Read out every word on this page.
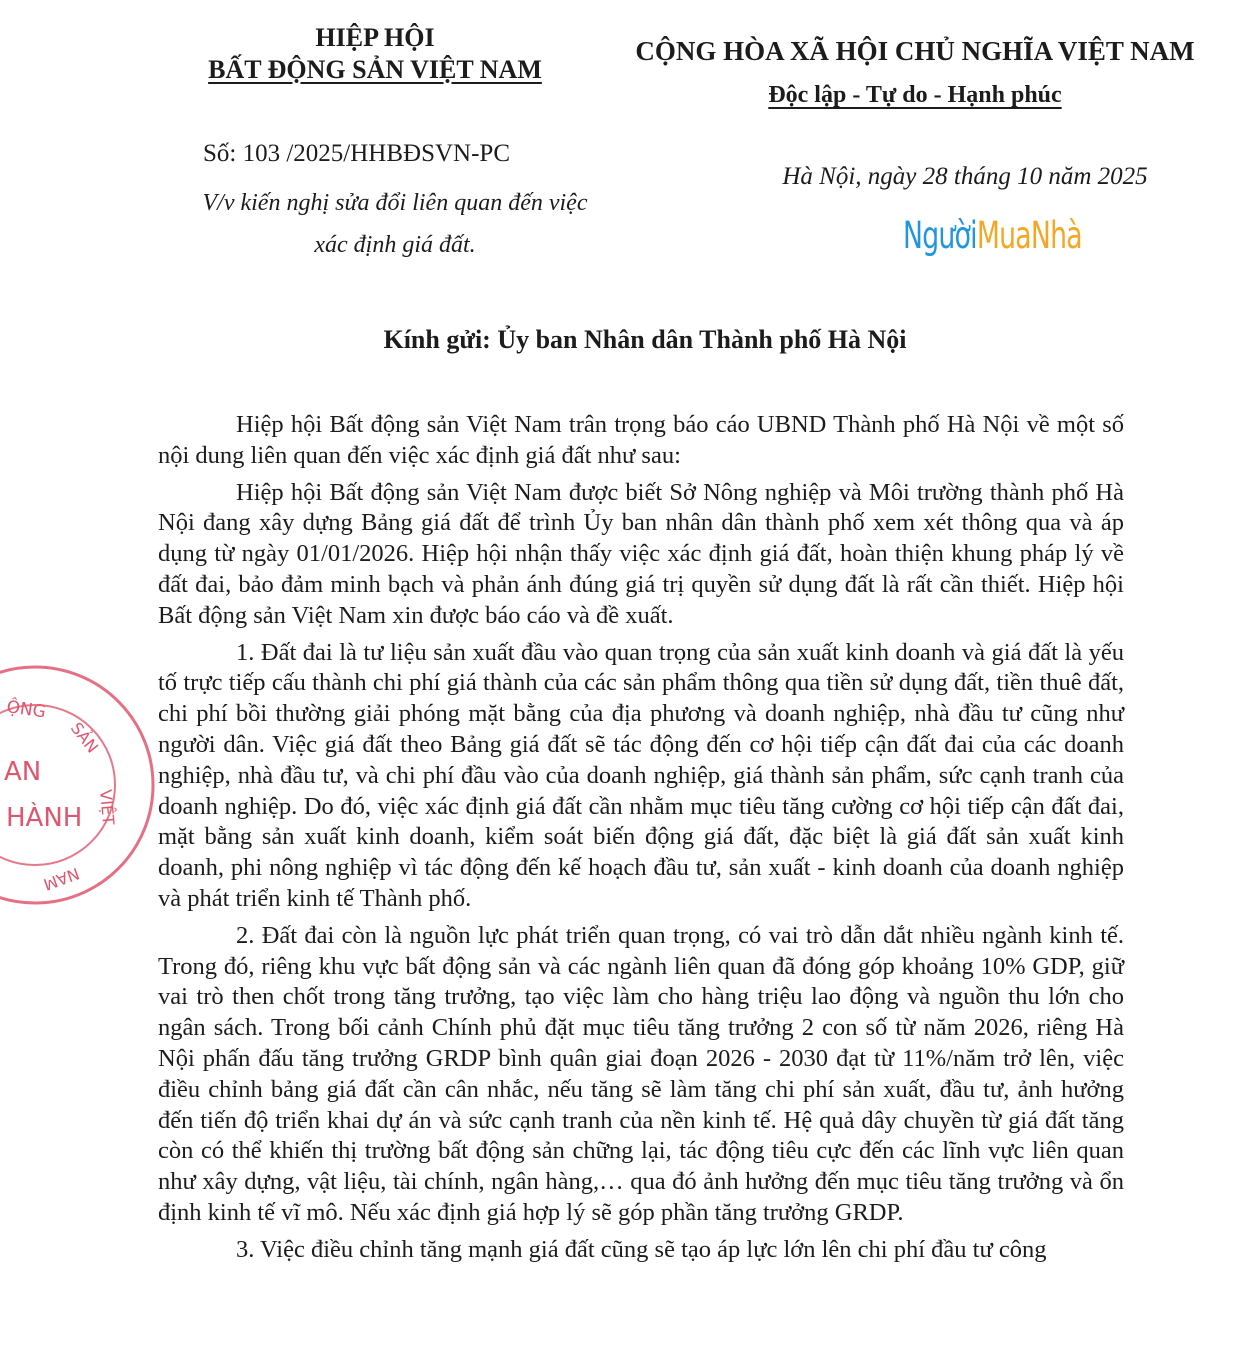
HIỆP HỘI
BẤT ĐỘNG SẢN VIỆT NAM
CỘNG HÒA XÃ HỘI CHỦ NGHĨA VIỆT NAM
Độc lập - Tự do - Hạnh phúc
Số: 103 /2025/HHBĐSVN-PC
V/v kiến nghị sửa đổi liên quan đến việc
xác định giá đất.
Hà Nội, ngày 28 tháng 10 năm 2025
NgườiMuaNhà
Kính gửi: Ủy ban Nhân dân Thành phố Hà Nội

Hiệp hội Bất động sản Việt Nam trân trọng báo cáo UBND Thành phố Hà Nội về một số nội dung liên quan đến việc xác định giá đất như sau:

Hiệp hội Bất động sản Việt Nam được biết Sở Nông nghiệp và Môi trường thành phố Hà Nội đang xây dựng Bảng giá đất để trình Ủy ban nhân dân thành phố xem xét thông qua và áp dụng từ ngày 01/01/2026. Hiệp hội nhận thấy việc xác định giá đất, hoàn thiện khung pháp lý về đất đai, bảo đảm minh bạch và phản ánh đúng giá trị quyền sử dụng đất là rất cần thiết. Hiệp hội Bất động sản Việt Nam xin được báo cáo và đề xuất.

1. Đất đai là tư liệu sản xuất đầu vào quan trọng của sản xuất kinh doanh và giá đất là yếu tố trực tiếp cấu thành chi phí giá thành của các sản phẩm thông qua tiền sử dụng đất, tiền thuê đất, chi phí bồi thường giải phóng mặt bằng của địa phương và doanh nghiệp, nhà đầu tư cũng như người dân. Việc giá đất theo Bảng giá đất sẽ tác động đến cơ hội tiếp cận đất đai của các doanh nghiệp, nhà đầu tư, và chi phí đầu vào của doanh nghiệp, giá thành sản phẩm, sức cạnh tranh của doanh nghiệp. Do đó, việc xác định giá đất cần nhằm mục tiêu tăng cường cơ hội tiếp cận đất đai, mặt bằng sản xuất kinh doanh, kiểm soát biến động giá đất, đặc biệt là giá đất sản xuất kinh doanh, phi nông nghiệp vì tác động đến kế hoạch đầu tư, sản xuất - kinh doanh của doanh nghiệp và phát triển kinh tế Thành phố.

2. Đất đai còn là nguồn lực phát triển quan trọng, có vai trò dẫn dắt nhiều ngành kinh tế. Trong đó, riêng khu vực bất động sản và các ngành liên quan đã đóng góp khoảng 10% GDP, giữ vai trò then chốt trong tăng trưởng, tạo việc làm cho hàng triệu lao động và nguồn thu lớn cho ngân sách. Trong bối cảnh Chính phủ đặt mục tiêu tăng trưởng 2 con số từ năm 2026, riêng Hà Nội phấn đấu tăng trưởng GRDP bình quân giai đoạn 2026 - 2030 đạt từ 11%/năm trở lên, việc điều chỉnh bảng giá đất cần cân nhắc, nếu tăng sẽ làm tăng chi phí sản xuất, đầu tư, ảnh hưởng đến tiến độ triển khai dự án và sức cạnh tranh của nền kinh tế. Hệ quả dây chuyền từ giá đất tăng còn có thể khiến thị trường bất động sản chững lại, tác động tiêu cực đến các lĩnh vực liên quan như xây dựng, vật liệu, tài chính, ngân hàng,… qua đó ảnh hưởng đến mục tiêu tăng trưởng và ổn định kinh tế vĩ mô. Nếu xác định giá hợp lý sẽ góp phần tăng trưởng GRDP.

3. Việc điều chỉnh tăng mạnh giá đất cũng sẽ tạo áp lực lớn lên chi phí đầu tư công

ỘNG
SẢN
VIỆT
NAM
AN
HÀNH
